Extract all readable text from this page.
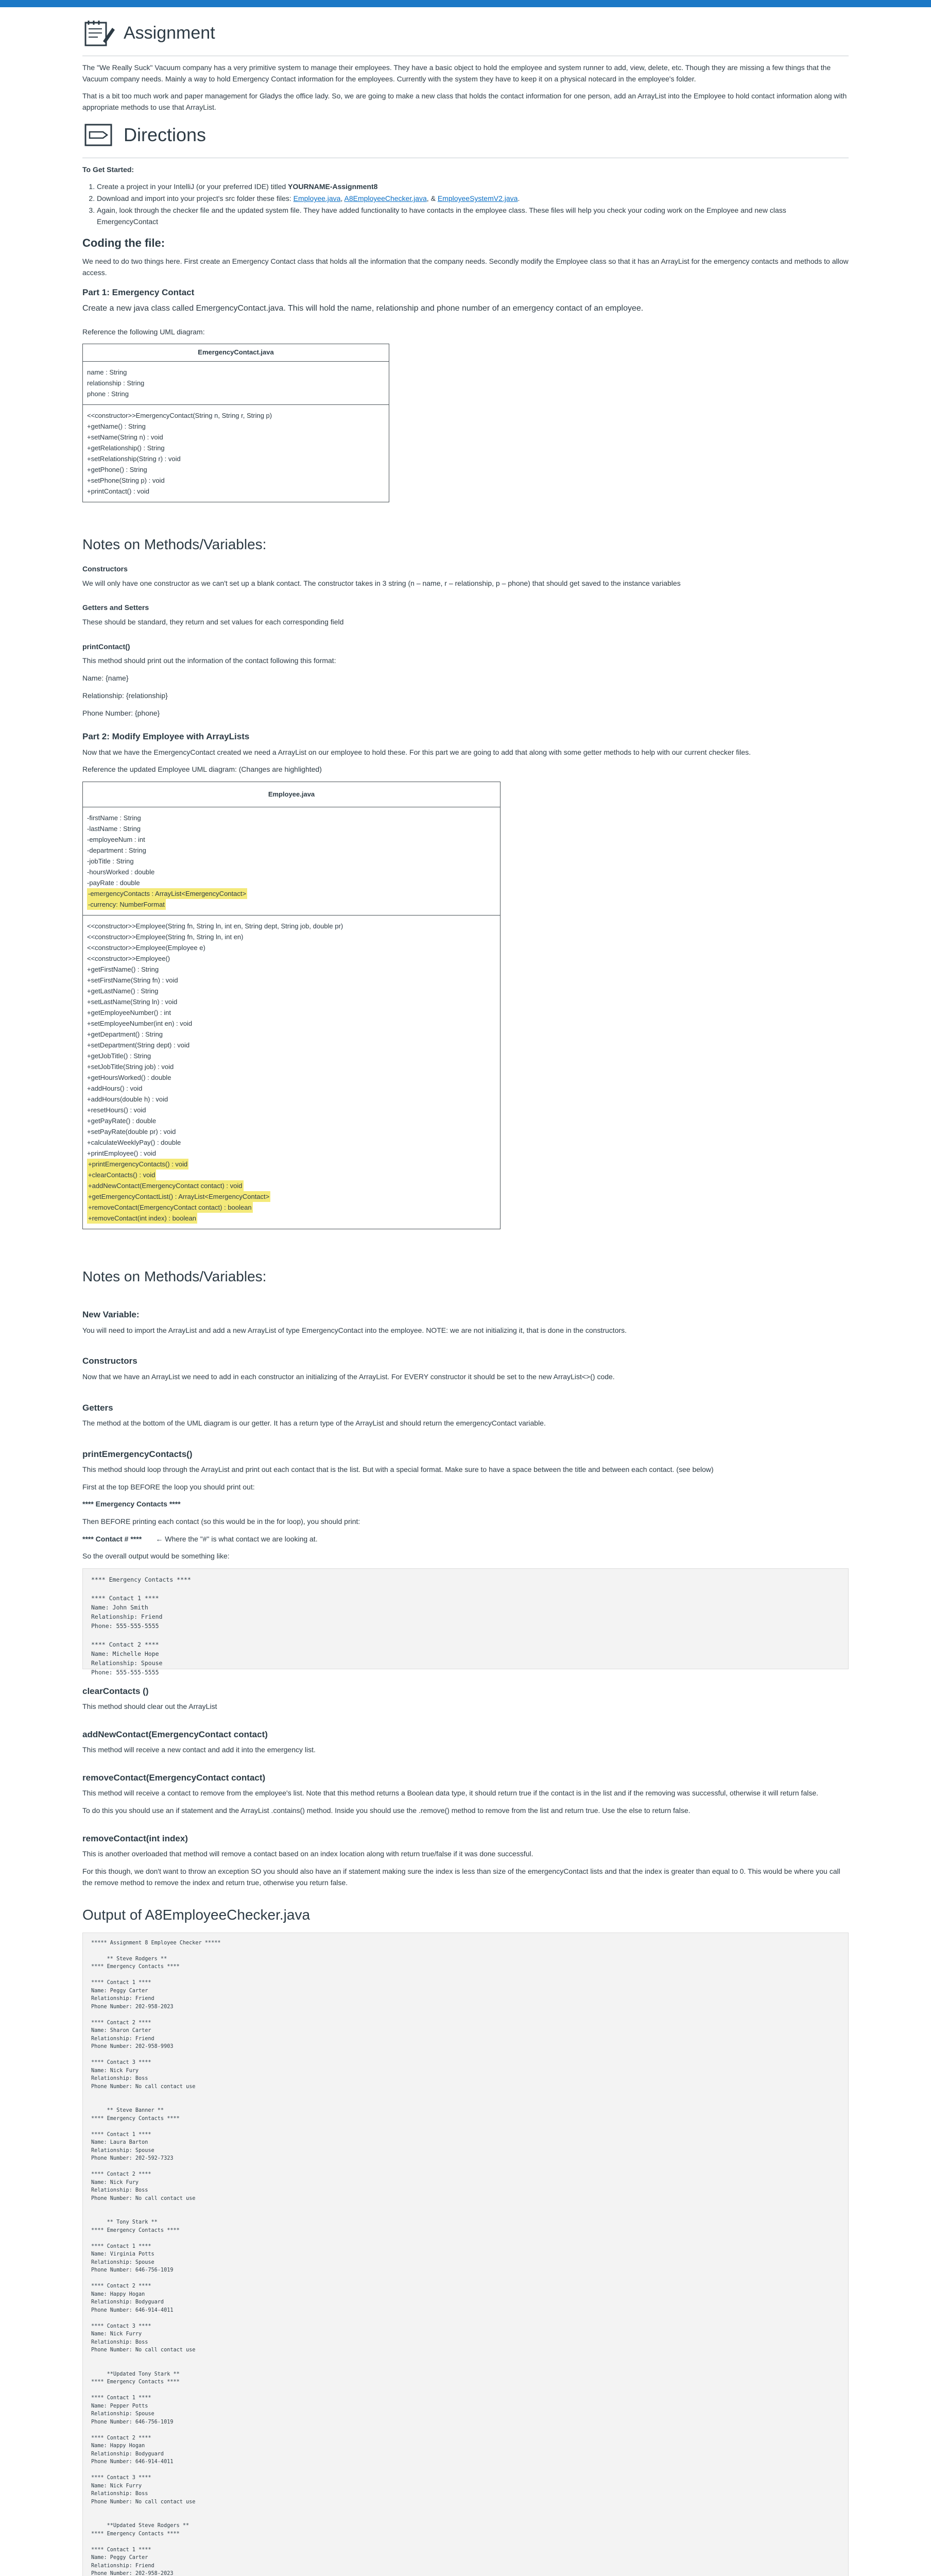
Assignment

The "We Really Suck" Vacuum company has a very primitive system to manage their employees. They have a basic object to hold the employee and system runner to add, view, delete, etc. Though they are missing a few things that the Vacuum company needs. Mainly a way to hold Emergency Contact information for the employees. Currently with the system they have to keep it on a physical notecard in the employee's folder.

That is a bit too much work and paper management for Gladys the office lady. So, we are going to make a new class that holds the contact information for one person, add an ArrayList into the Employee to hold contact information along with appropriate methods to use that ArrayList.

Directions

To Get Started:

1. Create a project in your IntelliJ (or your preferred IDE) titled YOURNAME-Assignment8
2. Download and import into your project's src folder these files: Employee.java, A8EmployeeChecker.java, & EmployeeSystemV2.java.
3. Again, look through the checker file and the updated system file. They have added functionality to have contacts in the employee class. These files will help you check your coding work on the Employee and new class EmergencyContact
Coding the file:

We need to do two things here. First create an Emergency Contact class that holds all the information that the company needs. Secondly modify the Employee class so that it has an ArrayList for the emergency contacts and methods to allow access.

Part 1: Emergency Contact

Create a new java class called EmergencyContact.java. This will hold the name, relationship and phone number of an emergency contact of an employee.

Reference the following UML diagram:

EmergencyContact.java
name : String
relationship : String
phone : String
<<constructor>>EmergencyContact(String n, String r, String p)
+getName() : String
+setName(String n) : void
+getRelationship() : String
+setRelationship(String r) : void
+getPhone() : String
+setPhone(String p) : void
+printContact() : void
Notes on Methods/Variables:
Constructors

We will only have one constructor as we can't set up a blank contact. The constructor takes in 3 string (n – name, r – relationship, p – phone) that should get saved to the instance variables

Getters and Setters

These should be standard, they return and set values for each corresponding field

printContact()

This method should print out the information of the contact following this format:

Name: {name}

Relationship: {relationship}

Phone Number: {phone}

Part 2: Modify Employee with ArrayLists

Now that we have the EmergencyContact created we need a ArrayList on our employee to hold these. For this part we are going to add that along with some getter methods to help with our current checker files.

Reference the updated Employee UML diagram: (Changes are highlighted)

Employee.java
-firstName : String
-lastName : String
-employeeNum : int
-department : String
-jobTitle : String
-hoursWorked : double
-payRate : double
-emergencyContacts : ArrayList<EmergencyContact>
-currency: NumberFormat
<<constructor>>Employee(String fn, String ln, int en, String dept, String job, double pr)
<<constructor>>Employee(String fn, String ln, int en)
<<constructor>>Employee(Employee e)
<<constructor>>Employee()
+getFirstName() : String
+setFirstName(String fn) : void
+getLastName() : String
+setLastName(String ln) : void
+getEmployeeNumber() : int
+setEmployeeNumber(int en) : void
+getDepartment() : String
+setDepartment(String dept) : void
+getJobTitle() : String
+setJobTitle(String job) : void
+getHoursWorked() : double
+addHours() : void
+addHours(double h) : void
+resetHours() : void
+getPayRate() : double
+setPayRate(double pr) : void
+calculateWeeklyPay() : double
+printEmployee() : void
+printEmergencyContacts() : void
+clearContacts() : void
+addNewContact(EmergencyContact contact) : void
+getEmergencyContactList() : ArrayList<EmergencyContact>
+removeContact(EmergencyContact contact) : boolean
+removeContact(int index) : boolean
Notes on Methods/Variables:
New Variable:

You will need to import the ArrayList and add a new ArrayList of type EmergencyContact into the employee. NOTE: we are not initializing it, that is done in the constructors.

Constructors

Now that we have an ArrayList we need to add in each constructor an initializing of the ArrayList. For EVERY constructor it should be set to the new ArrayList<>() code.

Getters

The method at the bottom of the UML diagram is our getter. It has a return type of the ArrayList and should return the emergencyContact variable.

printEmergencyContacts()

This method should loop through the ArrayList and print out each contact that is the list. But with a special format. Make sure to have a space between the title and between each contact. (see below)

First at the top BEFORE the loop you should print out:

**** Emergency Contacts ****

Then BEFORE printing each contact (so this would be in the for loop), you should print:

**** Contact # **** ← Where the "#" is what contact we are looking at.

So the overall output would be something like:

**** Emergency Contacts ****

**** Contact 1 ****
Name: John Smith
Relationship: Friend
Phone: 555-555-5555

**** Contact 2 ****
Name: Michelle Hope
Relationship: Spouse
Phone: 555-555-5555
clearContacts ()

This method should clear out the ArrayList

addNewContact(EmergencyContact contact)

This method will receive a new contact and add it into the emergency list.

removeContact(EmergencyContact contact)

This method will receive a contact to remove from the employee's list. Note that this method returns a Boolean data type, it should return true if the contact is in the list and if the removing was successful, otherwise it will return false.

To do this you should use an if statement and the ArrayList .contains() method. Inside you should use the .remove() method to remove from the list and return true. Use the else to return false.

removeContact(int index)

This is another overloaded that method will remove a contact based on an index location along with return true/false if it was done successful.

For this though, we don't want to throw an exception SO you should also have an if statement making sure the index is less than size of the emergencyContact lists and that the index is greater than equal to 0. This would be where you call the remove method to remove the index and return true, otherwise you return false.

Output of A8EmployeeChecker.java
***** Assignment 8 Employee Checker *****

** Steve Rodgers **
**** Emergency Contacts ****

**** Contact 1 ****
Name: Peggy Carter
Relationship: Friend
Phone Number: 202-958-2023

**** Contact 2 ****
Name: Sharon Carter
Relationship: Friend
Phone Number: 202-958-9903

**** Contact 3 ****
Name: Nick Fury
Relationship: Boss
Phone Number: No call contact use

** Steve Banner **
**** Emergency Contacts ****

**** Contact 1 ****
Name: Laura Barton
Relationship: Spouse
Phone Number: 202-592-7323

**** Contact 2 ****
Name: Nick Fury
Relationship: Boss
Phone Number: No call contact use

** Tony Stark **
**** Emergency Contacts ****

**** Contact 1 ****
Name: Virginia Potts
Relationship: Spouse
Phone Number: 646-756-1019

**** Contact 2 ****
Name: Happy Hogan
Relationship: Bodyguard
Phone Number: 646-914-4011

**** Contact 3 ****
Name: Nick Furry
Relationship: Boss
Phone Number: No call contact use

**Updated Tony Stark **
**** Emergency Contacts ****

**** Contact 1 ****
Name: Pepper Potts
Relationship: Spouse
Phone Number: 646-756-1019

**** Contact 2 ****
Name: Happy Hogan
Relationship: Bodyguard
Phone Number: 646-914-4011

**** Contact 3 ****
Name: Nick Furry
Relationship: Boss
Phone Number: No call contact use

**Updated Steve Rodgers **
**** Emergency Contacts ****

**** Contact 1 ****
Name: Peggy Carter
Relationship: Friend
Phone Number: 202-958-2023
